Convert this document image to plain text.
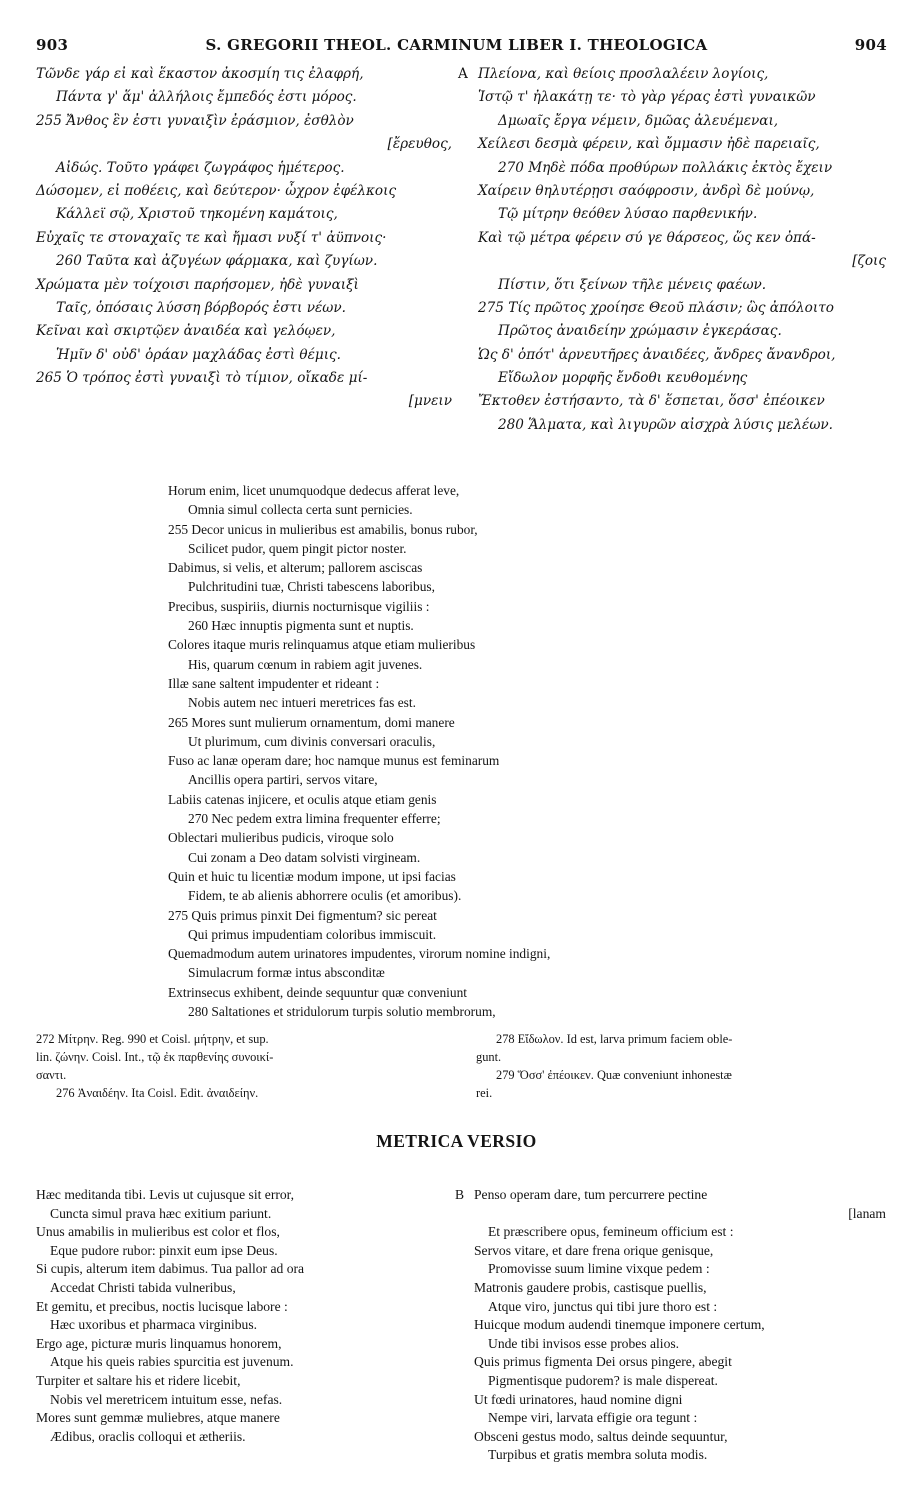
903	S. GREGORII THEOL. CARMINUM LIBER I. THEOLOGICA	904
Τῶνδε γάρ εἰ καὶ ἕκαστον ἀκοσμίη τις ἐλαφρή,
Πάντα γ' ἅμ' ἀλλήλοις ἔμπεδός ἐστι μόρος.
255 Ἄνθος ἓν ἐστι γυναιξὶν ἐράσμιον, ἐσθλὸν
[ἔρευθος,
Αἰδώς. Τοῦτο γράφει ζωγράφος ἡμέτερος.
Δώσομεν, εἰ ποθέεις, καὶ δεύτερον· ὦχρον ἐφέλκοις
Κάλλεϊ σῷ, Χριστοῦ τηκομένη καμάτοις,
Εὐχαῖς τε στοναχαῖς τε καὶ ἤμασι νυξί τ' ἀϋπνοις·
260 Ταῦτα καὶ ἀζυγέων φάρμακα, καὶ ζυγίων.
Χρώματα μὲν τοίχοισι παρήσομεν, ἠδὲ γυναιξὶ
Ταῖς, ὁπόσαις λύσση βόρβορός ἐστι νέων.
Κεῖναι καὶ σκιρτῷεν ἀναιδέα καὶ γελόῳεν,
Ἡμῖν δ' οὐδ' ὁράαν μαχλάδας ἐστὶ θέμις.
265 Ὁ τρόπος ἐστὶ γυναιξὶ τὸ τίμιον, οἴκαδε μί-
[μνειν
A Πλείονα, καὶ θείοις προσλαλέειν λογίοις,
Ἱστῷ τ' ἠλακάτῃ τε· τὸ γὰρ γέρας ἐστὶ γυναικῶν
Δμωαῖς ἔργα νέμειν, δμῶας ἀλευέμεναι,
Χείλεσι δεσμὰ φέρειν, καὶ ὄμμασιν ἠδὲ παρειαῖς,
270 Μηδὲ πόδα προθύρων πολλάκις ἐκτὸς ἔχειν
Χαίρειν θηλυτέρῃσι σαόφροσιν, ἀνδρὶ δὲ μούνῳ,
Τῷ μίτρην θεόθεν λύσαο παρθενικήν.
Καὶ τῷ μέτρα φέρειν σύ γε θάρσεος, ὥς κεν ὀπά-
[ζοις
Πίστιν, ὅτι ξείνων τῆλε μένεις φαέων.
275 Τίς πρῶτος χροίησε Θεοῦ πλάσιν; ὣς ἀπόλοιτο
Πρῶτος ἀναιδείην χρώμασιν ἐγκεράσας.
Ὡς δ' ὁπότ' ἀρνευτῆρες ἀναιδέες, ἄνδρες ἄνανδροι,
Εἴδωλον μορφῆς ἔνδοθι κευθομένης
Ἔκτοθεν ἐστήσαντο, τὰ δ' ἕσπεται, ὅσσ' ἐπέοικεν
280 Ἅλματα, καὶ λιγυρῶν αἰσχρὰ λύσις μελέων.
Horum enim, licet unumquodque dedecus afferat leve,
Omnia simul collecta certa sunt pernicies.
255 Decor unicus in mulieribus est amabilis, bonus rubor,
Scilicet pudor, quem pingit pictor noster.
Dabimus, si velis, et alterum; pallorem asciscas
Pulchritudini tuæ, Christi tabescens laboribus,
Precibus, suspiriis, diurnis nocturnisque vigiliis :
260 Hæc innuptis pigmenta sunt et nuptis.
Colores itaque muris relinquamus atque etiam mulieribus
His, quarum cœnum in rabiem agit juvenes.
Illæ sane saltent impudenter et rideant :
Nobis autem nec intueri meretrices fas est.
265 Mores sunt mulierum ornamentum, domi manere
Ut plurimum, cum divinis conversari oraculis,
Fuso ac lanæ operam dare; hoc namque munus est feminarum
Ancillis opera partiri, servos vitare,
Labiis catenas injicere, et oculis atque etiam genis
270 Nec pedem extra limina frequenter efferre;
Oblectari mulieribus pudicis, viroque solo
Cui zonam a Deo datam solvisti virgineam.
Quin et huic tu licentiæ modum impone, ut ipsi facias
Fidem, te ab alienis abhorrere oculis (et amoribus).
275 Quis primus pinxit Dei figmentum? sic pereat
Qui primus impudentiam coloribus immiscuit.
Quemadmodum autem urinatores impudentes, virorum nomine indigni,
Simulacrum formæ intus absconditæ
Extrinsecus exhibent, deinde sequuntur quæ conveniunt
280 Saltationes et stridulorum turpis solutio membrorum,
272 Μίτρην. Reg. 990 et Coisl. μήτρην, et sup.
lin. ζώνην. Coisl. Int., τῷ ἐκ παρθενίης συνοικί-
σαντι.
276 Ἀναιδέην. Ita Coisl. Edit. ἀναιδείην.
278 Εἴδωλον. Id est, larva primum faciem oble-
gunt.
279 Ὅσσ' ἐπέοικεν. Quæ conveniunt inhonestæ
rei.
METRICA VERSIO
Hæc meditanda tibi. Levis ut cujusque sit error,
Cuncta simul prava hæc exitium pariunt.
Unus amabilis in mulieribus est color et flos,
Eque pudore rubor: pinxit eum ipse Deus.
Si cupis, alterum item dabimus. Tua pallor ad ora
Accedat Christi tabida vulneribus,
Et gemitu, et precibus, noctis lucisque labore :
Hæc uxoribus et pharmaca virginibus.
Ergo age, picturæ muris linquamus honorem,
Atque his queis rabies spurcitia est juvenum.
Turpiter et saltare his et ridere licebit,
Nobis vel meretricem intuitum esse, nefas.
Mores sunt gemmæ muliebres, atque manere
Ædibus, oraclis colloqui et ætheriis.
B Penso operam dare, tum percurrere pectine
[lanam
Et præscribere opus, femineum officium est :
Servos vitare, et dare frena orique genisque,
Promovisse suum limine vixque pedem :
Matronis gaudere probis, castisque puellis,
Atque viro, junctus qui tibi jure thoro est :
Huicque modum audendi tinemque imponere certum,
Unde tibi invisos esse probes alios.
Quis primus figmenta Dei orsus pingere, abegit
Pigmentisque pudorem? is male dispereat.
Ut fœdi urinatores, haud nomine digni
Nempe viri, larvata effigie ora tegunt :
Obsceni gestus modo, saltus deinde sequuntur,
Turpibus et gratis membra soluta modis.
